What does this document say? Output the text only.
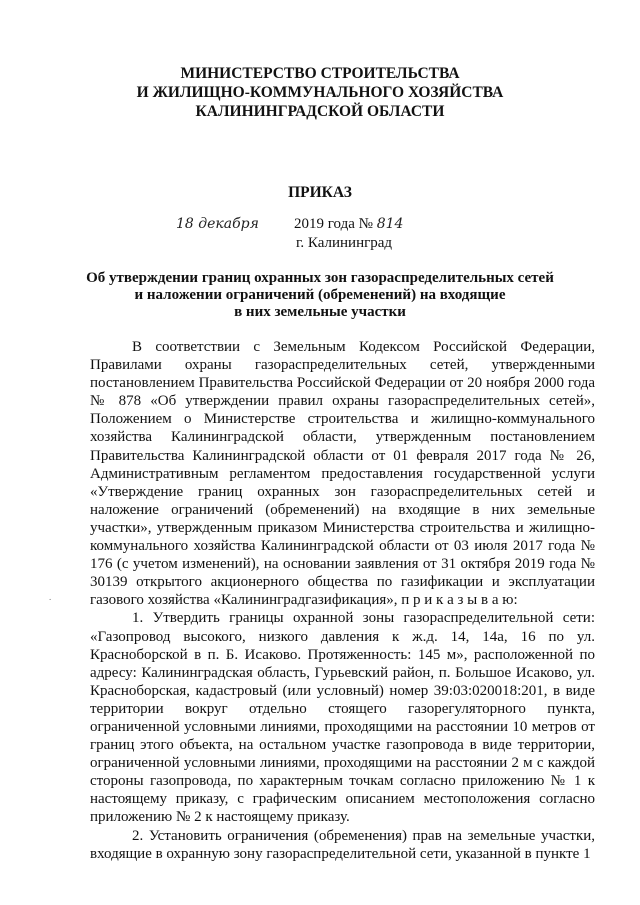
МИНИСТЕРСТВО СТРОИТЕЛЬСТВА
И ЖИЛИЩНО-КОММУНАЛЬНОГО ХОЗЯЙСТВА
КАЛИНИНГРАДСКОЙ ОБЛАСТИ
ПРИКАЗ
18 декабря 2019 года № 814
г. Калининград
Об утверждении границ охранных зон газораспределительных сетей
и наложении ограничений (обременений) на входящие
в них земельные участки

В соответствии с Земельным Кодексом Российской Федерации, Правилами охраны газораспределительных сетей, утвержденными постановлением Правительства Российской Федерации от 20 ноября 2000 года № 878 «Об утверждении правил охраны газораспределительных сетей», Положением о Министерстве строительства и жилищно-коммунального хозяйства Калининградской области, утвержденным постановлением Правительства Калининградской области от 01 февраля 2017 года № 26, Административным регламентом предоставления государственной услуги «Утверждение границ охранных зон газораспределительных сетей и наложение ограничений (обременений) на входящие в них земельные участки», утвержденным приказом Министерства строительства и жилищно-коммунального хозяйства Калининградской области от 03 июля 2017 года № 176 (с учетом изменений), на основании заявления от 31 октября 2019 года № 30139 открытого акционерного общества по газификации и эксплуатации газового хозяйства «Калининградгазификация», п р и к а з ы в а ю:

1. Утвердить границы охранной зоны газораспределительной сети: «Газопровод высокого, низкого давления к ж.д. 14, 14а, 16 по ул. Красноборской в п. Б. Исаково. Протяженность: 145 м», расположенной по адресу: Калининградская область, Гурьевский район, п. Большое Исаково, ул. Красноборская, кадастровый (или условный) номер 39:03:020018:201, в виде территории вокруг отдельно стоящего газорегуляторного пункта, ограниченной условными линиями, проходящими на расстоянии 10 метров от границ этого объекта, на остальном участке газопровода в виде территории, ограниченной условными линиями, проходящими на расстоянии 2 м с каждой стороны газопровода, по характерным точкам согласно приложению № 1 к настоящему приказу, с графическим описанием местоположения согласно приложению № 2 к настоящему приказу.

2. Установить ограничения (обременения) прав на земельные участки, входящие в охранную зону газораспределительной сети, указанной в пункте 1

.
